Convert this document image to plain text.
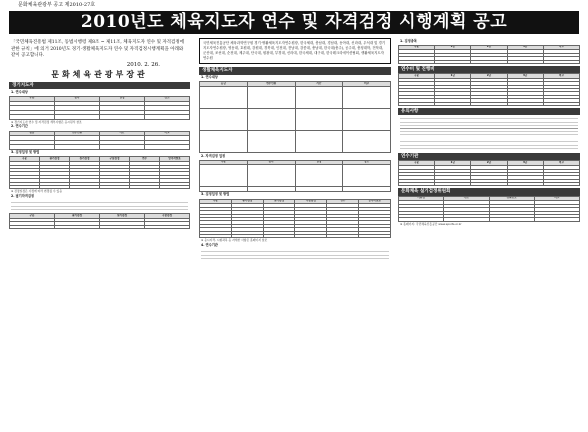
문화체육관광부 공고 제2010-27호
2010년도 체육지도자 연수 및 자격검정 시행계획 공고
「국민체육진흥법 제11조, 동법시행령 제8조 ~ 제11조, 체육지도자 연수 및 자격검정에 관한 규칙」에 의거 2010년도 경기·생활체육지도자 연수 및 자격검정시행계획을 아래와 같이 공고합니다.
2010. 2. 26.
문화체육관광부장관
경기지도자
1. 연수대상
구분	종목	일정	장소

※ 경기지도자 연수 및 자격검정 세부사항은 응시원서 참조
2. 연수기간
등급	연수인원	기간	비고

3. 검정일정 및 방법
구분	필기검정	실기검정	구술검정	연수	합격자발표

※ 검정일정은 사정에 따라 변경될 수 있음
2. 필기자격검정
구분	필기검정	실기검정	구술검정

국민체육진흥공단 체육과학연구원 경기·생활체육지도자연수원장, 한국체대, 충남대, 경남대, 동아대, 신라대, 우석대 및 경기지도자연수원장, 영동대, 호원대, 강원대, 경북대, 인천대, 전남대, 강릉대, 충남대, 한국대(충주), 공주대, 충청대학, 전북대, 군산대, 조선대, 순천대, 제주대, 단국대, 원광대, 부경대, 신라대, 한국체대, 대구대, 한국레크리에이션협회, 생활체육지도자연수원
생활체육지도자
1. 연수대상
등급	연수인원	기간	비고

2. 자격검정 일정
구분	종목	일정	장소

3. 검정일정 및 방법
구분	필기검정	실기검정	구술검정	연수	합격자발표

※ 응시자격, 시험과목 등 자세한 사항은 홈페이지 참조
4. 연수기관
1. 검정종목
구분	1급	2급	3급	비고

연수비 및 진행비
구분	1급	2급	3급	비고

유의사항
연수기관
구분	1급	2급	3급	비고

문화체육 실기검정위원회
기관명	주소	전화번호	비고

※ 홈페이지: 국민체육진흥공단 www.sports.or.kr
